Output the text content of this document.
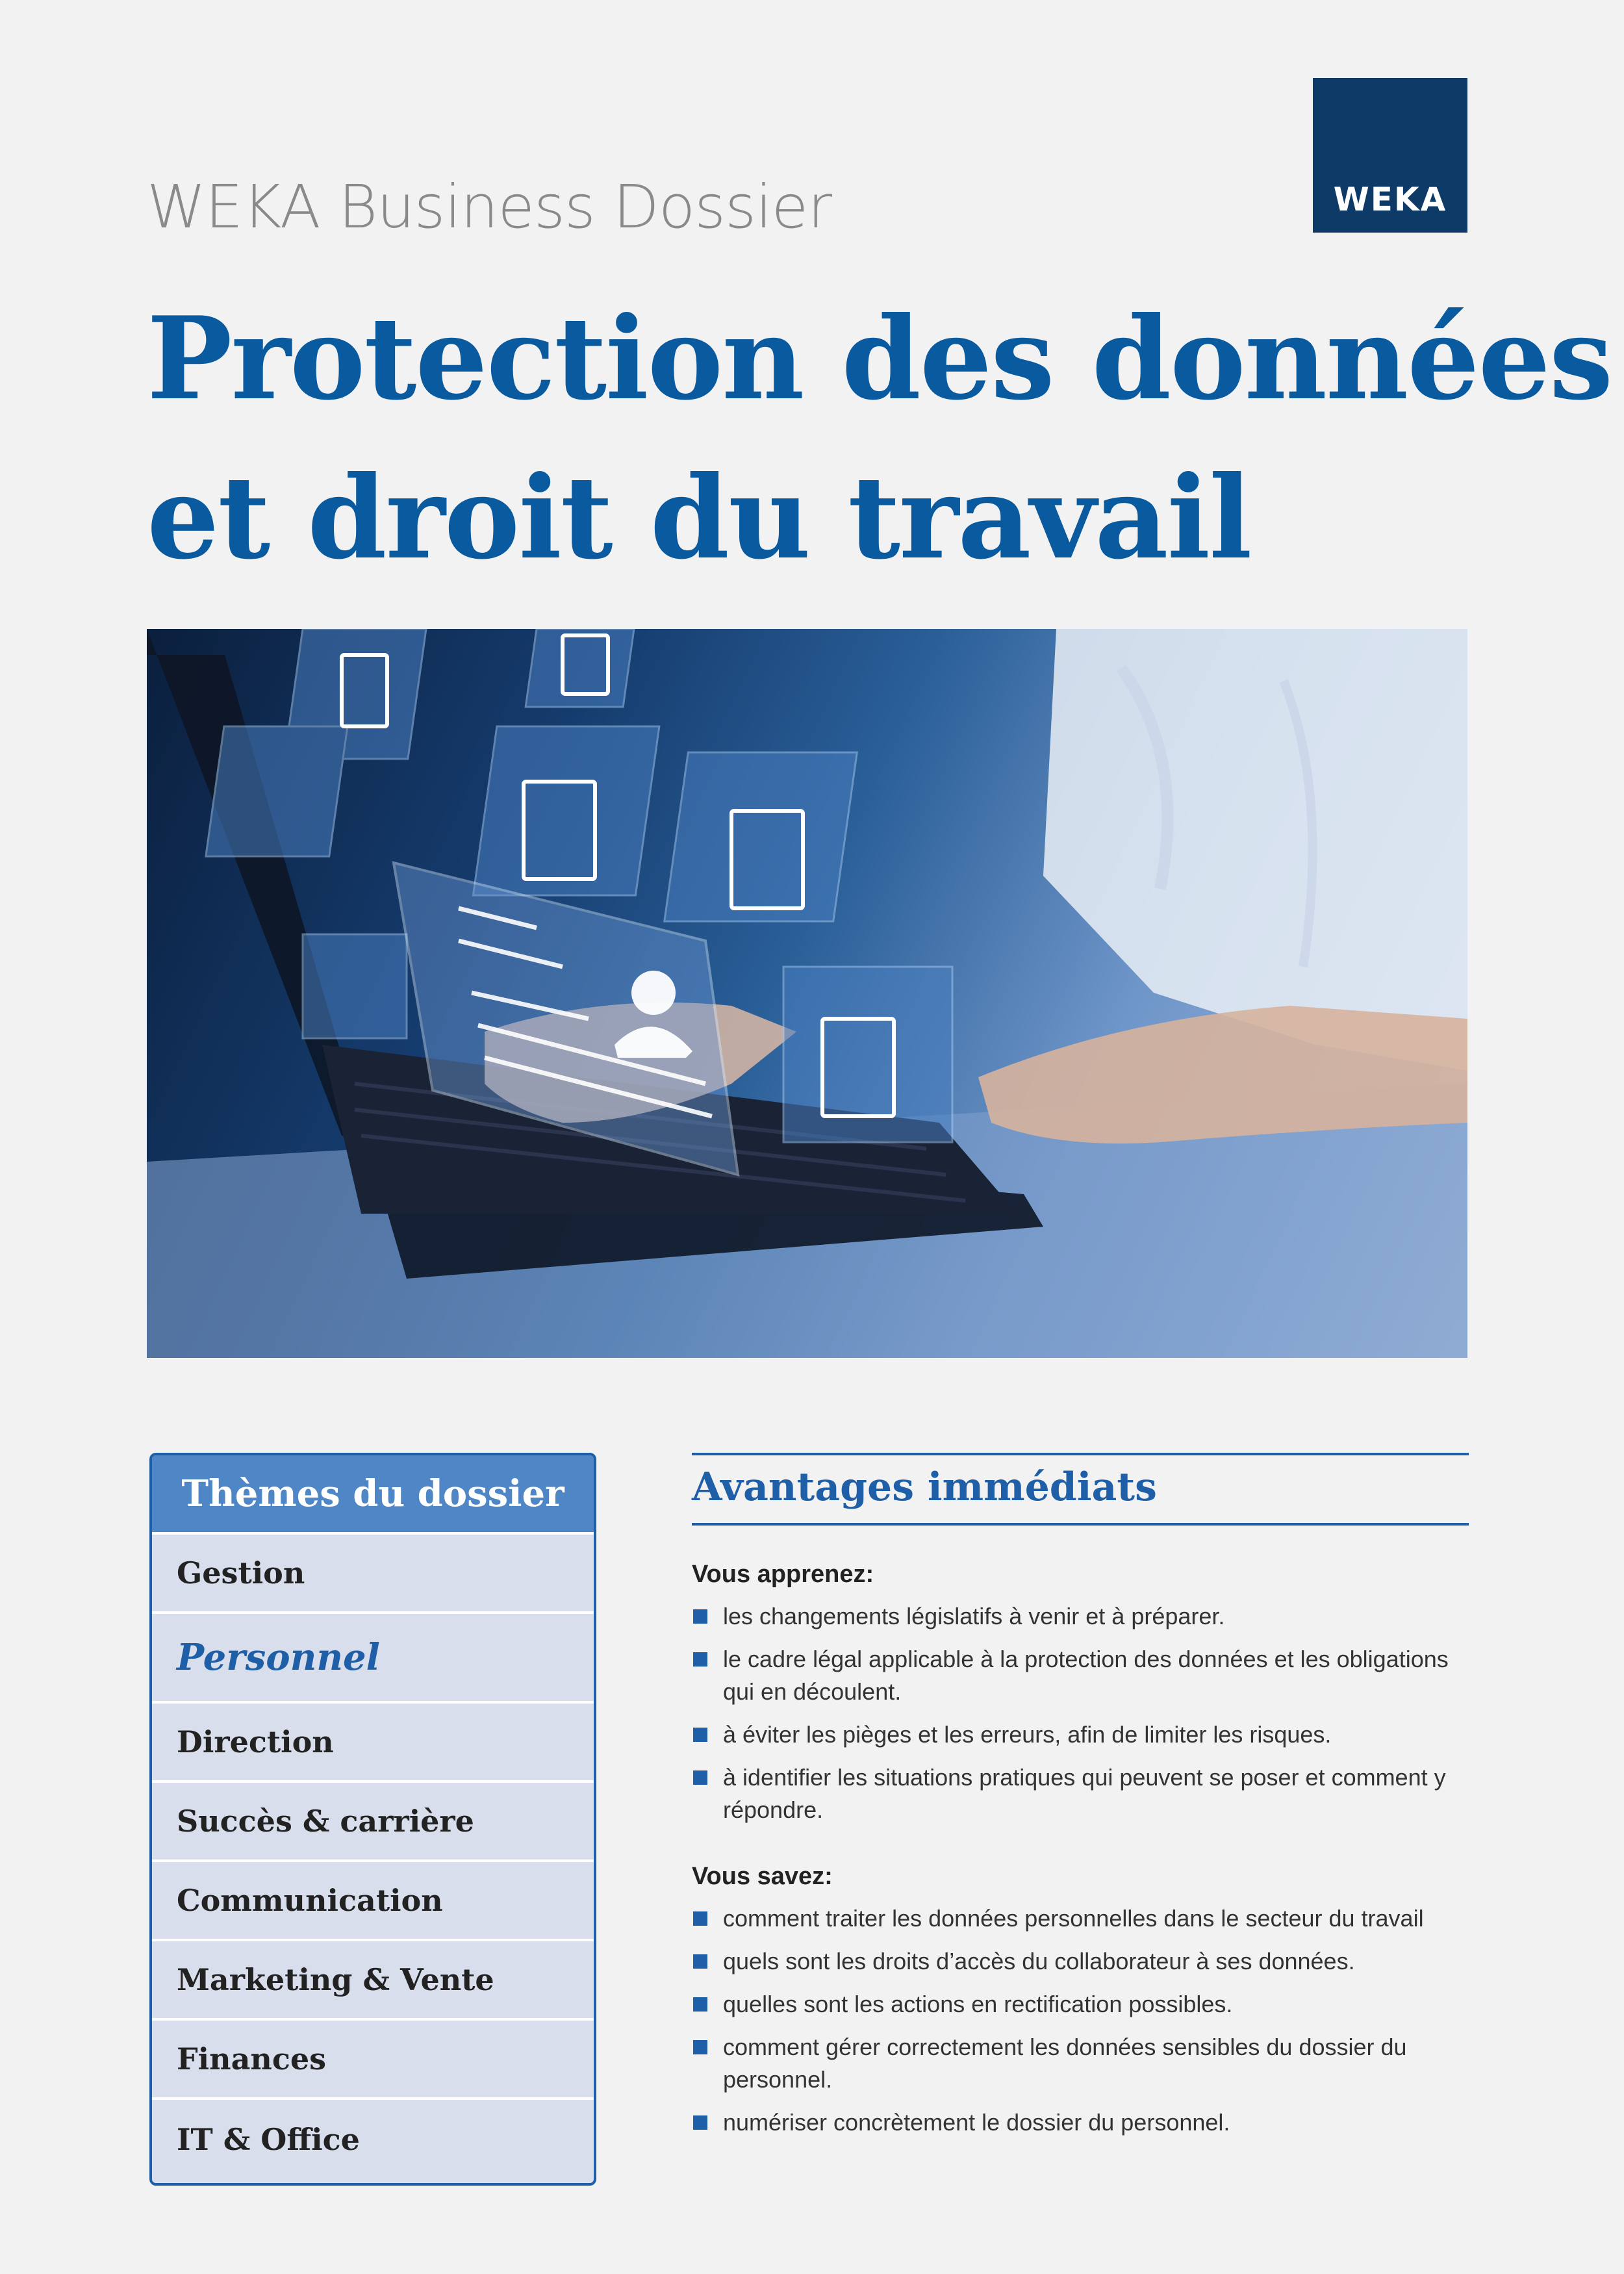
WEKA Business Dossier	WEKA
Protection des données
et droit du travail
Thèmes du dossier
Gestion
Personnel
Direction
Succès & carrière
Communication
Marketing & Vente
Finances
IT & Office
Avantages immédiats
Vous apprenez:
les changements législatifs à venir et à préparer.
le cadre légal applicable à la protection des données et les obligations qui en découlent.
à éviter les pièges et les erreurs, afin de limiter les risques.
à identifier les situations pratiques qui peuvent se poser et comment y répondre.
Vous savez:
comment traiter les données personnelles dans le secteur du travail
quels sont les droits d’accès du collaborateur à ses données.
quelles sont les actions en rectification possibles.
comment gérer correctement les données sensibles du dossier du personnel.
numériser concrètement le dossier du personnel.
